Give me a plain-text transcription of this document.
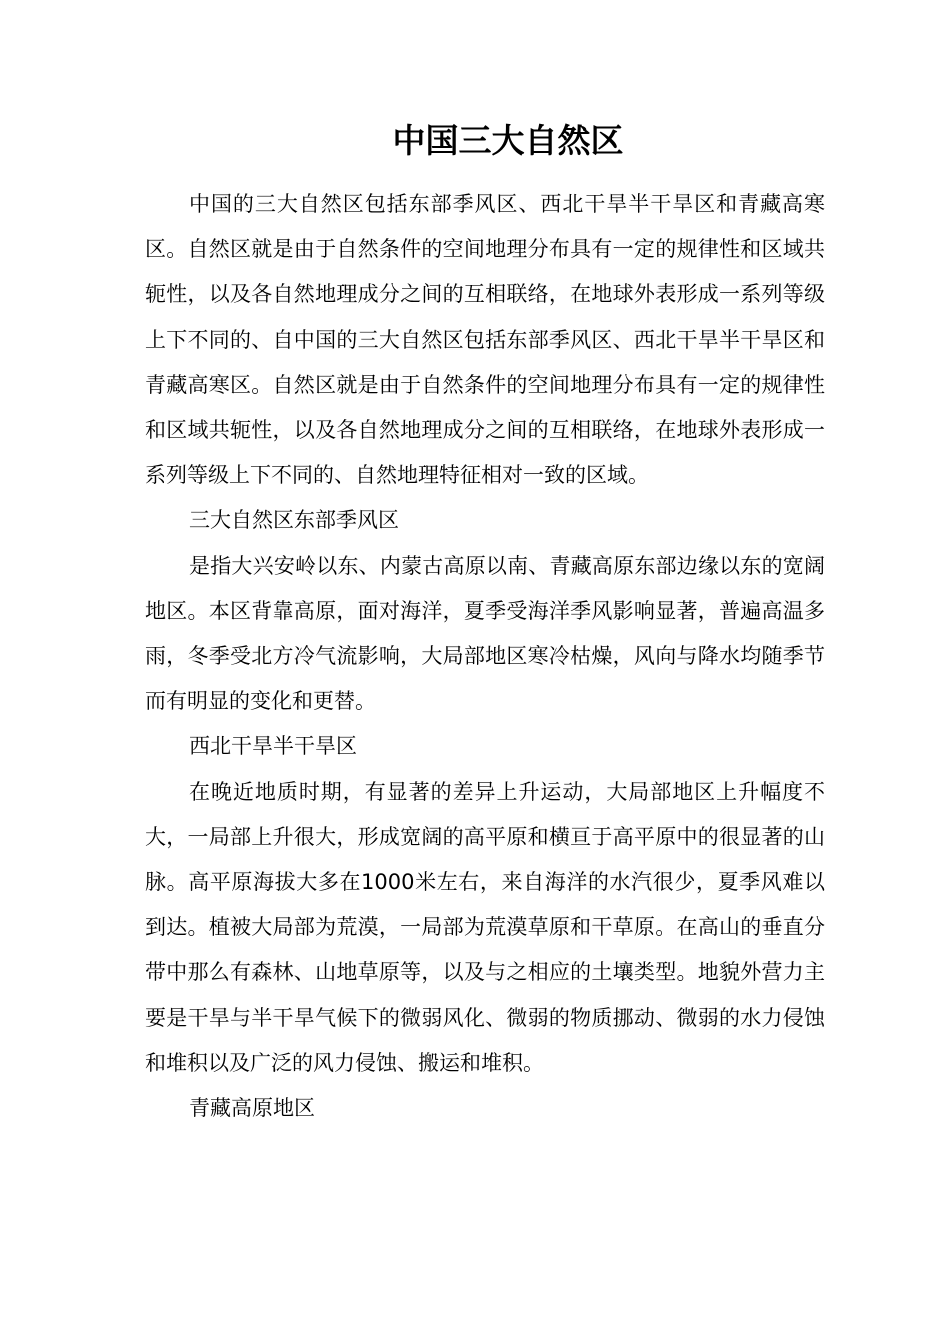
中国三大自然区

中国的三大自然区包括东部季风区、西北干旱半干旱区和青藏高寒区。自然区就是由于自然条件的空间地理分布具有一定的规律性和区域共轭性，以及各自然地理成分之间的互相联络，在地球外表形成一系列等级上下不同的、自中国的三大自然区包括东部季风区、西北干旱半干旱区和青藏高寒区。自然区就是由于自然条件的空间地理分布具有一定的规律性和区域共轭性，以及各自然地理成分之间的互相联络，在地球外表形成一系列等级上下不同的、自然地理特征相对一致的区域。

三大自然区东部季风区

是指大兴安岭以东、内蒙古高原以南、青藏高原东部边缘以东的宽阔地区。本区背靠高原，面对海洋，夏季受海洋季风影响显著，普遍高温多雨，冬季受北方冷气流影响，大局部地区寒冷枯燥，风向与降水均随季节而有明显的变化和更替。

西北干旱半干旱区

在晚近地质时期，有显著的差异上升运动，大局部地区上升幅度不大，一局部上升很大，形成宽阔的高平原和横亘于高平原中的很显著的山脉。高平原海拔大多在1000米左右，来自海洋的水汽很少，夏季风难以到达。植被大局部为荒漠，一局部为荒漠草原和干草原。在高山的垂直分带中那么有森林、山地草原等，以及与之相应的土壤类型。地貌外营力主要是干旱与半干旱气候下的微弱风化、微弱的物质挪动、微弱的水力侵蚀和堆积以及广泛的风力侵蚀、搬运和堆积。

青藏高原地区
